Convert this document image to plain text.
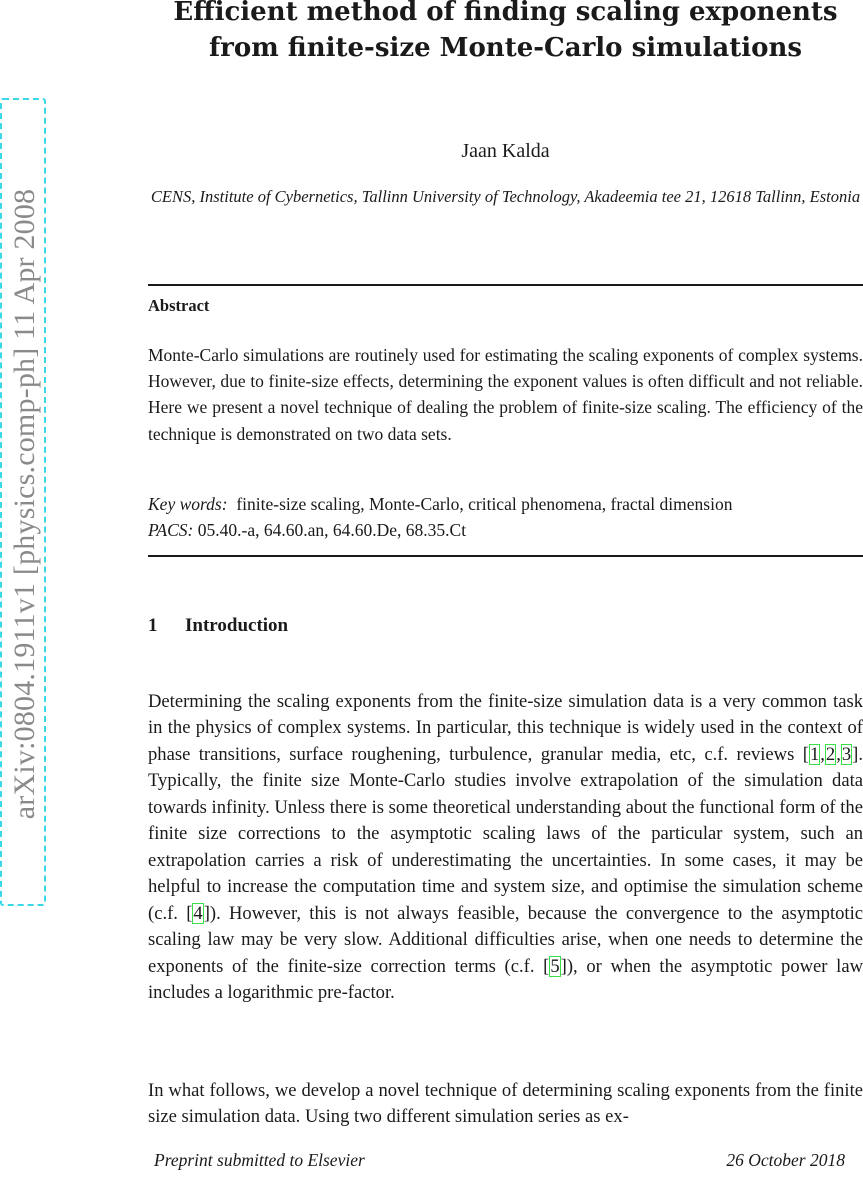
arXiv:0804.1911v1 [physics.comp-ph] 11 Apr 2008
Efficient method of finding scaling exponents from finite-size Monte-Carlo simulations
Jaan Kalda
CENS, Institute of Cybernetics, Tallinn University of Technology, Akadeemia tee 21, 12618 Tallinn, Estonia
Abstract
Monte-Carlo simulations are routinely used for estimating the scaling exponents of complex systems. However, due to finite-size effects, determining the exponent values is often difficult and not reliable. Here we present a novel technique of dealing the problem of finite-size scaling. The efficiency of the technique is demonstrated on two data sets.
Key words: finite-size scaling, Monte-Carlo, critical phenomena, fractal dimension
PACS: 05.40.-a, 64.60.an, 64.60.De, 68.35.Ct
1 Introduction
Determining the scaling exponents from the finite-size simulation data is a very common task in the physics of complex systems. In particular, this technique is widely used in the context of phase transitions, surface roughening, turbulence, granular media, etc, c.f. reviews [1,2,3]. Typically, the finite size Monte-Carlo studies involve extrapolation of the simulation data towards infinity. Unless there is some theoretical understanding about the functional form of the finite size corrections to the asymptotic scaling laws of the particular system, such an extrapolation carries a risk of underestimating the uncertainties. In some cases, it may be helpful to increase the computation time and system size, and optimise the simulation scheme (c.f. [4]). However, this is not always feasible, because the convergence to the asymptotic scaling law may be very slow. Additional difficulties arise, when one needs to determine the exponents of the finite-size correction terms (c.f. [5]), or when the asymptotic power law includes a logarithmic pre-factor.
In what follows, we develop a novel technique of determining scaling exponents from the finite size simulation data. Using two different simulation series as ex-
Preprint submitted to Elsevier	26 October 2018
